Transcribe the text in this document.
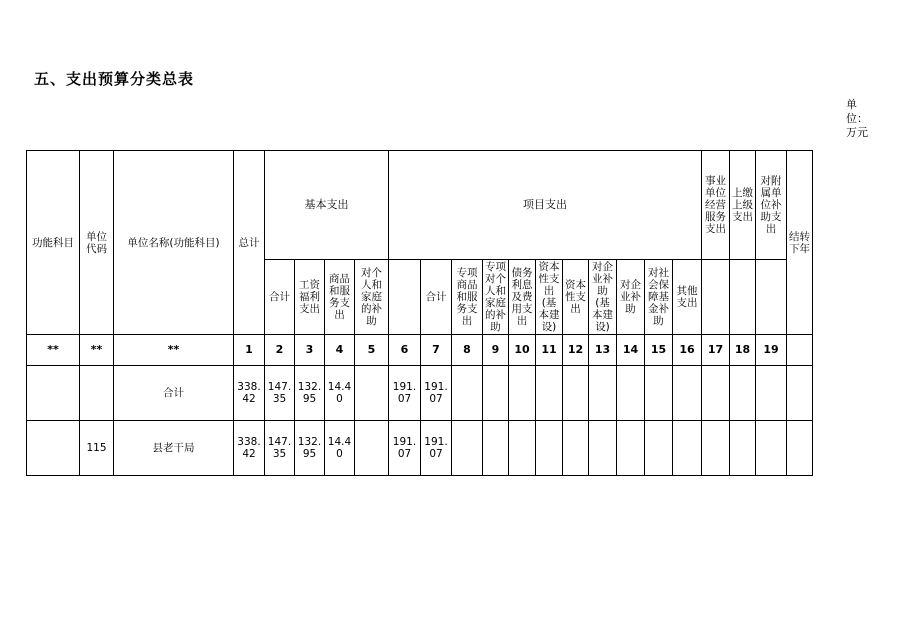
五、支出预算分类总表
单位：万元
功能科目	单位代码	单位名称(功能科目)	总计	基本支出				项目支出											事业单位经营服务支出	上缴上级支出	对附属单位补助支出	结转下年
				合计	工资福利支出	商品和服务支出	对个人和家庭的补助		合计	专项商品和服务支出	专项对个人和家庭的补助	债务利息及费用支出	资本性支出(基本建设)	资本性支出	对企业补助(基本建设)	对企业补助	对社会保障基金补助	其他支出				

**	**	**	1	2	3	4	5	6	7	8	9	10	11	12	13	14	15	16	17	18	19	
		合计	338.42	147.35	132.95	14.40		191.07	191.07													
	115	县老干局	338.42	147.35	132.95	14.40		191.07	191.07													
